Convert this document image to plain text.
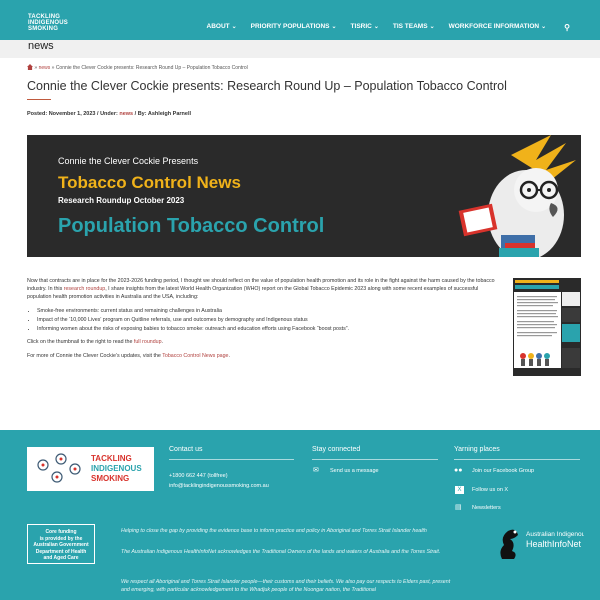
TACKLING
INDIGENOUS
SMOKING	ABOUT ⌄ PRIORITY POPULATIONS ⌄ TISRIC ⌄ TIS TEAMS ⌄ WORKFORCE INFORMATION ⌄ ⚲
news
» news » Connie the Clever Cockie presents: Research Round Up – Population Tobacco Control
Connie the Clever Cockie presents: Research Round Up – Population Tobacco Control
Posted: November 1, 2023 / Under: news / By: Ashleigh Parnell
Connie the Clever Cockie Presents
Tobacco Control News
Research Roundup October 2023
Population Tobacco Control

Now that contracts are in place for the 2023-2026 funding period, I thought we should reflect on the value of population health promotion and its role in the fight against the harm caused by the tobacco industry. In this research roundup, I share insights from the latest World Health Organization (WHO) report on the Global Tobacco Epidemic 2023 along with some recent examples of successful population health promotion activities in Australia and the USA, including:

• Smoke-free environments: current status and remaining challenges in Australia
• Impact of the ‘10,000 Lives’ program on Quitline referrals, use and outcomes by demography and Indigenous status
• Informing women about the risks of exposing babies to tobacco smoke: outreach and education efforts using Facebook “boost posts”.

Click on the thumbnail to the right to read the full roundup.

For more of Connie the Clever Cockie’s updates, visit the Tobacco Control News page.

TACKLING
INDIGENOUS
SMOKING
Contact us
+1800 662 447 (tollfree)
info@tacklingindigenoussmoking.com.au
Stay connected
✉	Send us a message
Yarning places
●● Join our Facebook Group
X	Follow us on X
▤	Newsletters
Core funding
is provided by the
Australian Government
Department of Health
and Aged Care
Helping to close the gap by providing the evidence base to inform practice and policy in Aboriginal and Torres Strait Islander health
The Australian Indigenous HealthInfoNet acknowledges the Traditional Owners of the lands and waters of Australia and the Torres Strait.
We respect all Aboriginal and Torres Strait Islander people—their customs and their beliefs. We also pay our respects to Elders past, present and emerging, with particular acknowledgement to the Whadjuk people of the Noongar nation, the Traditional
Australian Indigenous
HealthInfoNet
